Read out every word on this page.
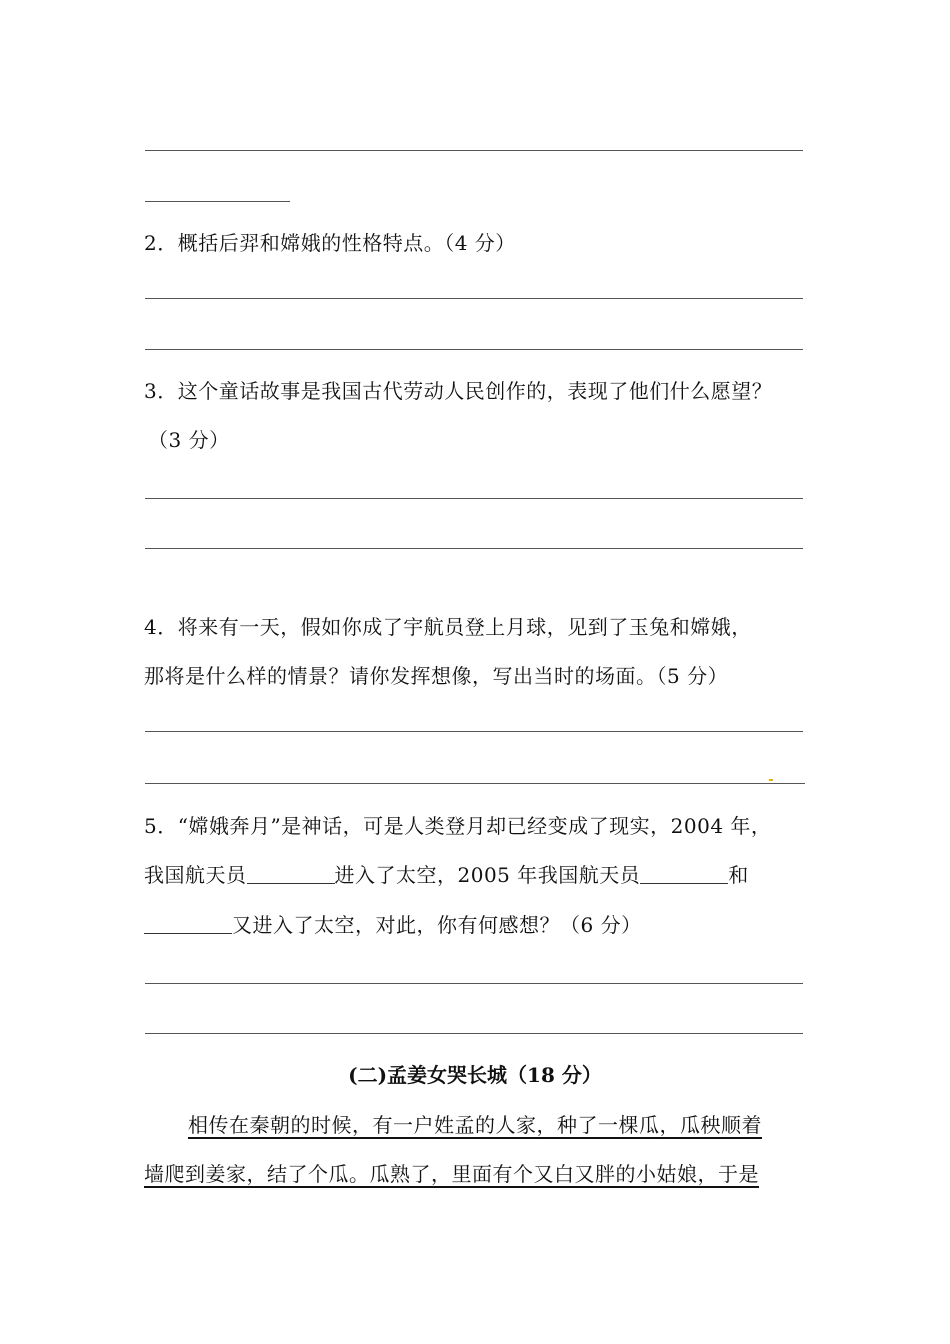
2．概括后羿和嫦娥的性格特点。（4 分）
3．这个童话故事是我国古代劳动人民创作的，表现了他们什么愿望？
（3 分）
4．将来有一天，假如你成了宇航员登上月球，见到了玉兔和嫦娥，
那将是什么样的情景？请你发挥想像，写出当时的场面。（5 分）
5．“嫦娥奔月”是神话，可是人类登月却已经变成了现实，2004 年，
我国航天员	进入了太空，2005 年我国航天员	和
又进入了太空，对此，你有何感想？（6 分）
(二)孟姜女哭长城（18 分）
相传在秦朝的时候，有一户姓孟的人家，种了一棵瓜，瓜秧顺着
墙爬到姜家，结了个瓜。瓜熟了，里面有个又白又胖的小姑娘，于是
